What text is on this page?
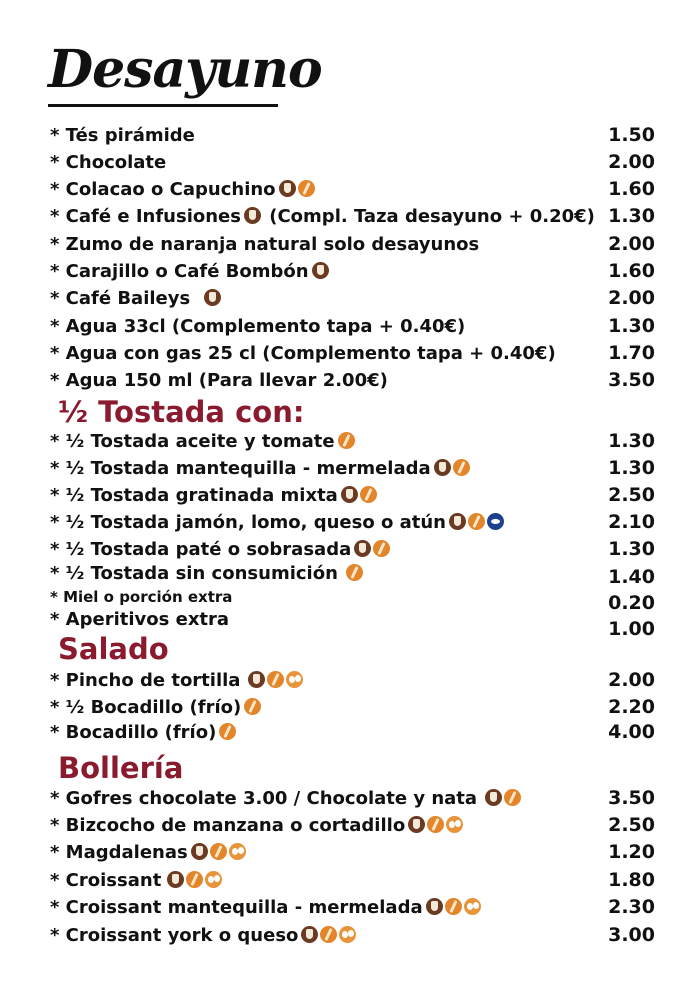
Desayuno
* Tés pirámide	1.50
* Chocolate	2.00
* Colacao o Capuchino	1.60
* Café e Infusiones (Compl. Taza desayuno + 0.20€) 1.30
* Zumo de naranja natural solo desayunos	2.00
* Carajillo o Café Bombón	1.60
* Café Baileys	2.00
* Agua 33cl (Complemento tapa + 0.40€)	1.30
* Agua con gas 25 cl (Complemento tapa + 0.40€)	1.70
* Agua 150 ml (Para llevar 2.00€)	3.50
½ Tostada con:
* ½ Tostada aceite y tomate	1.30
* ½ Tostada mantequilla - mermelada	1.30
* ½ Tostada gratinada mixta	2.50
* ½ Tostada jamón, lomo, queso o atún	2.10
* ½ Tostada paté o sobrasada	1.30
* ½ Tostada sin consumición	1.40
* Miel o porción extra	0.20
* Aperitivos extra	1.00
Salado
* Pincho de tortilla	2.00
* ½ Bocadillo (frío)	2.20
* Bocadillo (frío)	4.00
Bollería
* Gofres chocolate 3.00 / Chocolate y nata	3.50
* Bizcocho de manzana o cortadillo	2.50
* Magdalenas	1.20
* Croissant	1.80
* Croissant mantequilla - mermelada	2.30
* Croissant york o queso	3.00
